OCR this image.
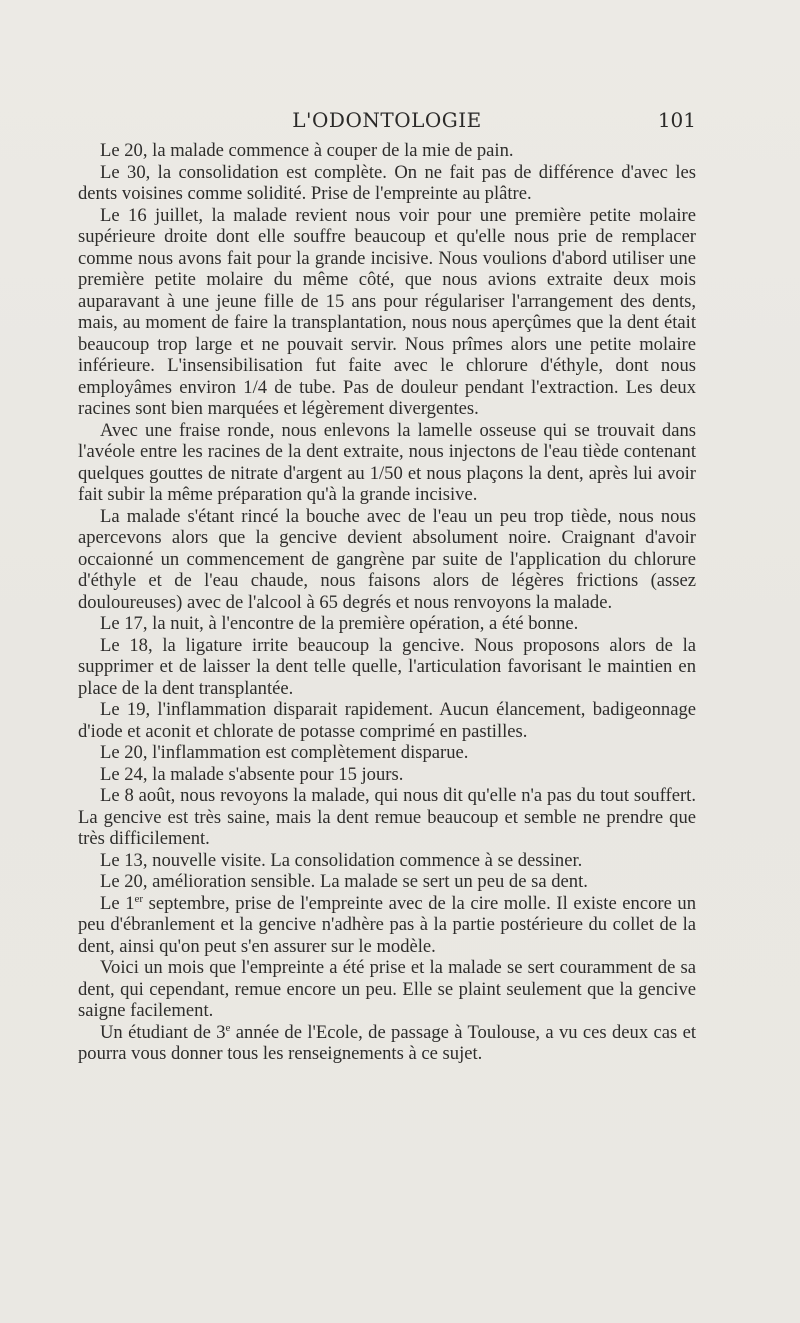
L'ODONTOLOGIE	101

Le 20, la malade commence à couper de la mie de pain.

Le 30, la consolidation est complète. On ne fait pas de différence d'avec les dents voisines comme solidité. Prise de l'empreinte au plâtre.

Le 16 juillet, la malade revient nous voir pour une première petite molaire supérieure droite dont elle souffre beaucoup et qu'elle nous prie de remplacer comme nous avons fait pour la grande incisive. Nous voulions d'abord utiliser une première petite molaire du même côté, que nous avions extraite deux mois auparavant à une jeune fille de 15 ans pour régulariser l'arrangement des dents, mais, au moment de faire la transplantation, nous nous aperçûmes que la dent était beaucoup trop large et ne pouvait servir. Nous prîmes alors une petite molaire inférieure. L'insensibilisation fut faite avec le chlorure d'éthyle, dont nous employâmes environ 1/4 de tube. Pas de douleur pendant l'extraction. Les deux racines sont bien marquées et légèrement divergentes.

Avec une fraise ronde, nous enlevons la lamelle osseuse qui se trouvait dans l'avéole entre les racines de la dent extraite, nous injectons de l'eau tiède contenant quelques gouttes de nitrate d'argent au 1/50 et nous plaçons la dent, après lui avoir fait subir la même préparation qu'à la grande incisive.

La malade s'étant rincé la bouche avec de l'eau un peu trop tiède, nous nous apercevons alors que la gencive devient absolument noire. Craignant d'avoir occaionné un commencement de gangrène par suite de l'application du chlorure d'éthyle et de l'eau chaude, nous faisons alors de légères frictions (assez douloureuses) avec de l'alcool à 65 degrés et nous renvoyons la malade.

Le 17, la nuit, à l'encontre de la première opération, a été bonne.

Le 18, la ligature irrite beaucoup la gencive. Nous proposons alors de la supprimer et de laisser la dent telle quelle, l'articulation favorisant le maintien en place de la dent transplantée.

Le 19, l'inflammation disparait rapidement. Aucun élancement, badigeonnage d'iode et aconit et chlorate de potasse comprimé en pastilles.

Le 20, l'inflammation est complètement disparue.

Le 24, la malade s'absente pour 15 jours.

Le 8 août, nous revoyons la malade, qui nous dit qu'elle n'a pas du tout souffert. La gencive est très saine, mais la dent remue beaucoup et semble ne prendre que très difficilement.

Le 13, nouvelle visite. La consolidation commence à se dessiner.

Le 20, amélioration sensible. La malade se sert un peu de sa dent.

Le 1er septembre, prise de l'empreinte avec de la cire molle. Il existe encore un peu d'ébranlement et la gencive n'adhère pas à la partie postérieure du collet de la dent, ainsi qu'on peut s'en assurer sur le modèle.

Voici un mois que l'empreinte a été prise et la malade se sert couramment de sa dent, qui cependant, remue encore un peu. Elle se plaint seulement que la gencive saigne facilement.

Un étudiant de 3e année de l'Ecole, de passage à Toulouse, a vu ces deux cas et pourra vous donner tous les renseignements à ce sujet.
